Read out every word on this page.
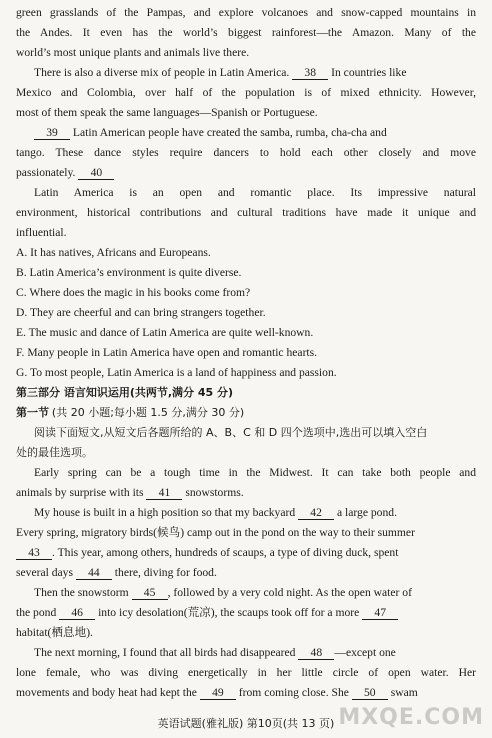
green grasslands of the Pampas, and explore volcanoes and snow-capped mountains in
the Andes. It even has the world’s biggest rainforest—the Amazon. Many of the
world’s most unique plants and animals live there.
There is also a diverse mix of people in Latin America. 38 In countries like
Mexico and Colombia, over half of the population is of mixed ethnicity. However,
most of them speak the same languages—Spanish or Portuguese.
39 Latin American people have created the samba, rumba, cha-cha and
tango. These dance styles require dancers to hold each other closely and move
passionately. 40
Latin America is an open and romantic place. Its impressive natural
environment, historical contributions and cultural traditions have made it unique and
influential.
A. It has natives, Africans and Europeans.
B. Latin America’s environment is quite diverse.
C. Where does the magic in his books come from?
D. They are cheerful and can bring strangers together.
E. The music and dance of Latin America are quite well-known.
F. Many people in Latin America have open and romantic hearts.
G. To most people, Latin America is a land of happiness and passion.
第三部分 语言知识运用(共两节,满分 45 分)
第一节 (共 20 小题;每小题 1.5 分,满分 30 分)
阅读下面短文,从短文后各题所给的 A、B、C 和 D 四个选项中,选出可以填入空白
处的最佳选项。
Early spring can be a tough time in the Midwest. It can take both people and
animals by surprise with its 41 snowstorms.
My house is built in a high position so that my backyard 42 a large pond.
Every spring, migratory birds(候鸟) camp out in the pond on the way to their summer
43 . This year, among others, hundreds of scaups, a type of diving duck, spent
several days 44 there, diving for food.
Then the snowstorm 45 , followed by a very cold night. As the open water of
the pond 46 into icy desolation(荒凉), the scaups took off for a more 47
habitat(栖息地).
The next morning, I found that all birds had disappeared 48 —except one
lone female, who was diving energetically in her little circle of open water. Her
movements and body heat had kept the 49 from coming close. She 50 swam
英语试题(雅礼版) 第10页(共 13 页) MXQE.COM
